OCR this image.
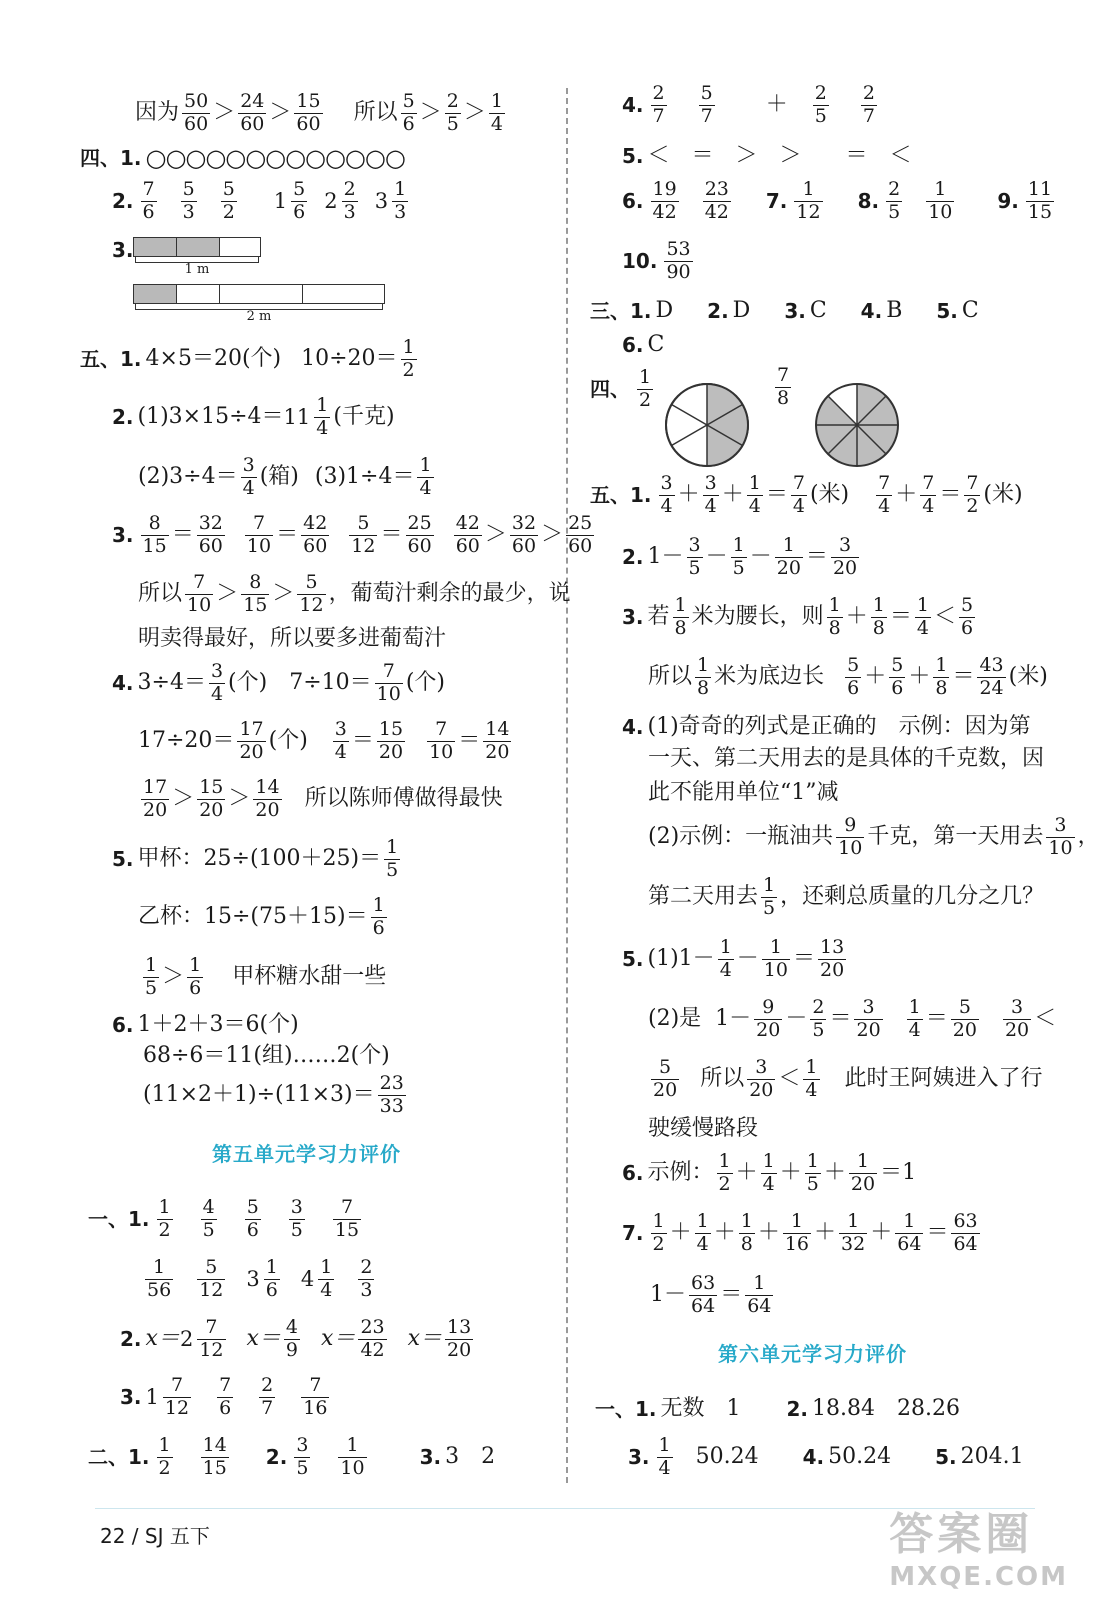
因为 50
60 ＞ 24
60 ＞ 15
60 所以 5
6 ＞ 2
5 ＞ 1
4
四、1. ○○○○○○○○○○○○○
2.
7
6
5
3
5
2 1 5
6 2 2
3 3 1
3
3.
1 m
2 m
五、1. 4×5＝20(个) 10÷20＝ 1
2
2. (1)3×15÷4＝ 11 1
4 (千克)
(2)3÷4＝ 3
4 (箱) (3)1÷4＝ 1
4
3.
8
15 ＝ 32
60
7
10 ＝ 42
60
5
12 ＝ 25
60
42
60 ＞ 32
60 ＞ 25
60
所以 7
10 ＞ 8
15 ＞ 5
12 ，葡萄汁剩余的最少，说
明卖得最好，所以要多进葡萄汁
4. 3÷4＝ 3
4 (个) 7÷10＝ 7
10 (个)
17÷20＝ 17
20 (个) 3
4 ＝ 15
20
7
10 ＝ 14
20
17
20 ＞ 15
20 ＞ 14
20 所以陈师傅做得最快
5. 甲杯：25÷(100＋25)＝ 1
5
乙杯：15÷(75＋15)＝ 1
6
1
5 ＞ 1
6 甲杯糖水甜一些
6. 1＋2＋3＝6(个)
68÷6＝11(组)……2(个)
(11×2＋1)÷(11×3)＝ 23
33
第五单元学习力评价
一、1.
1
2
4
5
5
6
3
5
7
15
1
56
5
12 3 1
6 4 1
4
2
3
2. x＝ 2 7
12 x＝ 4
9 x＝ 23
42 x＝ 13
20
3. 1 7
12
7
6
2
7
7
16
二、1.
1
2
14
15 2.
3
5
1
10	3. 3　2
4.
2
7
5
7 ＋ 2
5
2
7
5. ＜　＝　＞　＞　　＝　＜
6.
19
42
23
42 7.
1
12 8.
2
5
1
10 9.
11
15
10.
53
90
三、1. D 2. D 3. C 4. B 5. C
6. C
四、
1
2
7
8
五、1.
3
4 ＋ 3
4 ＋ 1
4 ＝ 7
4 (米) 7
4 ＋ 7
4 ＝ 7
2 (米)
2. 1－ 3
5 － 1
5 － 1
20 ＝ 3
20
3. 若 1
8 米为腰长，则 1
8 ＋ 1
8 ＝ 1
4 ＜ 5
6
所以 1
8 米为底边长 5
6 ＋ 5
6 ＋ 1
8 ＝ 43
24 (米)
4. (1)奇奇的列式是正确的　示例：因为第
一天、第二天用去的是具体的千克数，因
此不能用单位“1”减
(2)示例：一瓶油共 9
10 千克，第一天用去 3
10 ，
第二天用去 1
5 ，还剩总质量的几分之几？
5. (1)1－ 1
4 － 1
10 ＝ 13
20
(2)是 1－ 9
20 － 2
5 ＝ 3
20
1
4 ＝ 5
20
3
20 ＜
5
20 所以 3
20 ＜ 1
4 此时王阿姨进入了行
驶缓慢路段
6. 示例： 1
2 ＋ 1
4 ＋ 1
5 ＋ 1
20 ＝ 1
7.
1
2 ＋ 1
4 ＋ 1
8 ＋ 1
16 ＋ 1
32 ＋ 1
64 ＝ 63
64
1－ 63
64 ＝ 1
64
第六单元学习力评价
一、1. 无数　1 2. 18.84　28.26
3.
1
4 50.24 4. 50.24 5. 204.1
22 / SJ 五下	答案圈
MXQE.COM
